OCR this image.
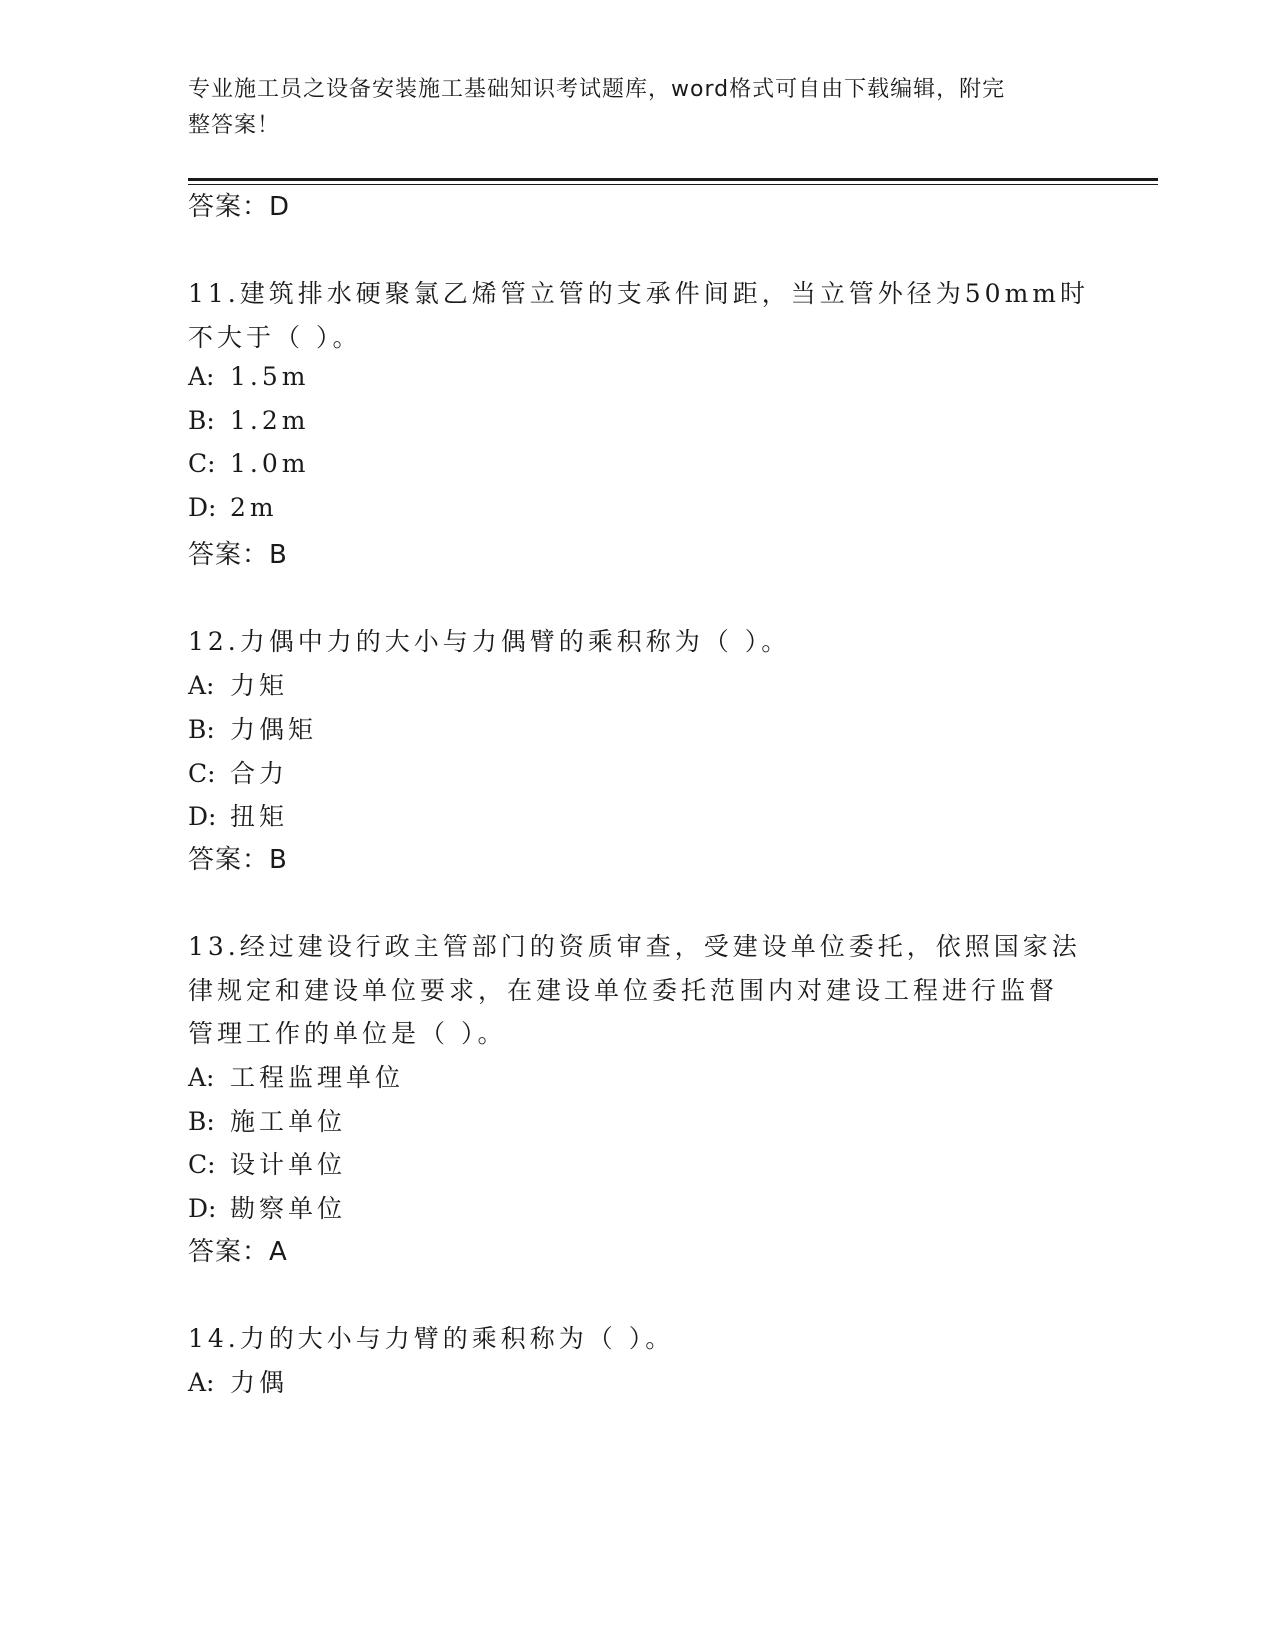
专业施工员之设备安装施工基础知识考试题库，word格式可自由下载编辑，附完
整答案！
答案：D
11.建筑排水硬聚氯乙烯管立管的支承件间距，当立管外径为50mm时
不大于（ ）。
A: 1.5m
B: 1.2m
C: 1.0m
D: 2m
答案：B
12.力偶中力的大小与力偶臂的乘积称为（ ）。
A: 力矩
B: 力偶矩
C: 合力
D: 扭矩
答案：B
13.经过建设行政主管部门的资质审查，受建设单位委托，依照国家法
律规定和建设单位要求，在建设单位委托范围内对建设工程进行监督
管理工作的单位是（ ）。
A: 工程监理单位
B: 施工单位
C: 设计单位
D: 勘察单位
答案：A
14.力的大小与力臂的乘积称为（ ）。
A: 力偶
